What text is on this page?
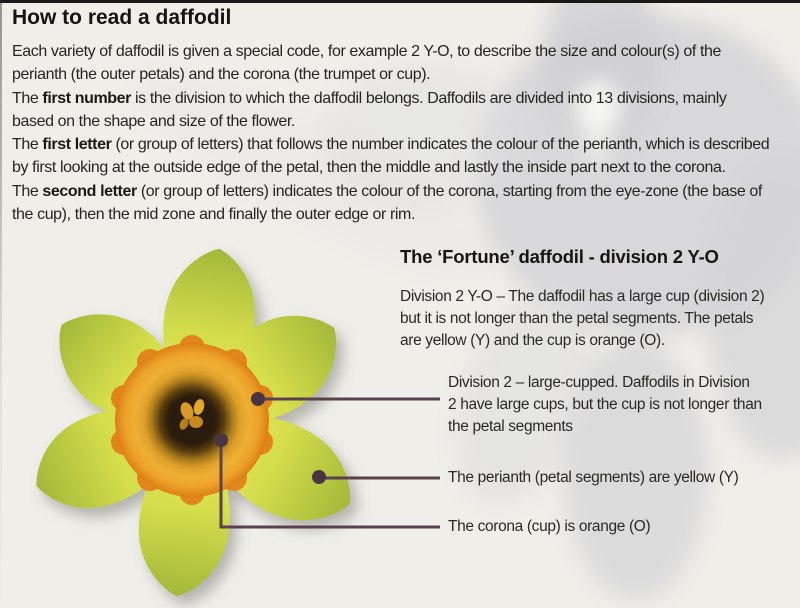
How to read a daffodil
Each variety of daffodil is given a special code, for example 2 Y-O, to describe the size and colour(s) of the
perianth (the outer petals) and the corona (the trumpet or cup).
The first number is the division to which the daffodil belongs. Daffodils are divided into 13 divisions, mainly
based on the shape and size of the flower.
The first letter (or group of letters) that follows the number indicates the colour of the perianth, which is described
by first looking at the outside edge of the petal, then the middle and lastly the inside part next to the corona.
The second letter (or group of letters) indicates the colour of the corona, starting from the eye-zone (the base of
the cup), then the mid zone and finally the outer edge or rim.
The ‘Fortune’ daffodil - division 2 Y-O
Division 2 Y-O – The daffodil has a large cup (division 2)
but it is not longer than the petal segments. The petals
are yellow (Y) and the cup is orange (O).
Division 2 – large-cupped. Daffodils in Division
2 have large cups, but the cup is not longer than
the petal segments
The perianth (petal segments) are yellow (Y)
The corona (cup) is orange (O)
